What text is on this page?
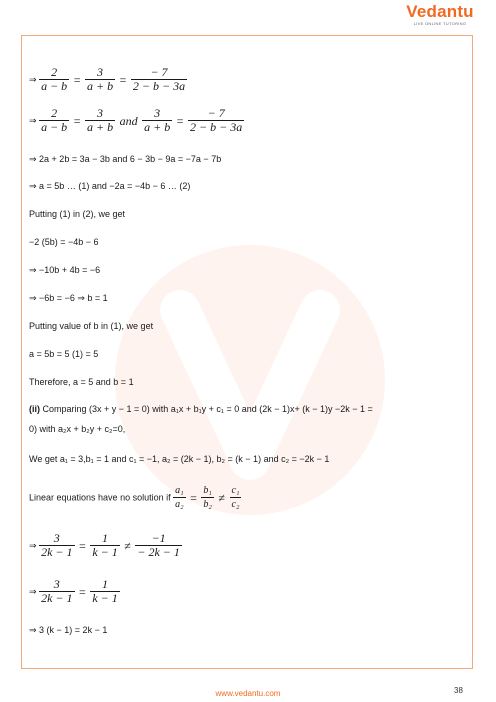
Vedantu
LIVE ONLINE TUTORING
⇒ $\frac{2}{a - b} = \frac{3}{a + b} = \frac{- 7}{2 - b - 3a}$
⇒ $\frac{2}{a - b} = \frac{3}{a + b}$ and $\frac{3}{a + b} = \frac{- 7}{2 - b - 3a}$
⇒ 2a + 2b = 3a − 3b and 6 − 3b − 9a = −7a − 7b
⇒ a = 5b … (1) and −2a = −4b − 6 … (2)
Putting (1) in (2), we get
−2 (5b) = −4b − 6
⇒ −10b + 4b = −6
⇒ −6b = −6 ⇒ b = 1
Putting value of b in (1), we get
a = 5b = 5 (1) = 5
Therefore, a = 5 and b = 1
(ii) Comparing (3x + y − 1 = 0) with a₁x + b₁y + c₁ = 0 and (2k − 1)x+ (k − 1)y −2k − 1 =
0) with a₂x + b₂y + c₂=0,
We get a₁ = 3,b₁ = 1 and c₁ = −1, a₂ = (2k − 1), b₂ = (k − 1) and c₂ = −2k − 1
Linear equations have no solution if $\frac{\text{a₁}}{\text{a₂}} = \frac{\text{b₁}}{\text{b₂}} \ne \frac{\text{c₁}}{\text{c₂}}$
⇒ $\frac{3}{2k - 1} = \frac{1}{k - 1} \ne \frac{-1}{- 2k - 1}$
⇒ $\frac{3}{2k - 1} = \frac{1}{k - 1}$
⇒ 3 (k − 1) = 2k − 1
38
www.vedantu.com
